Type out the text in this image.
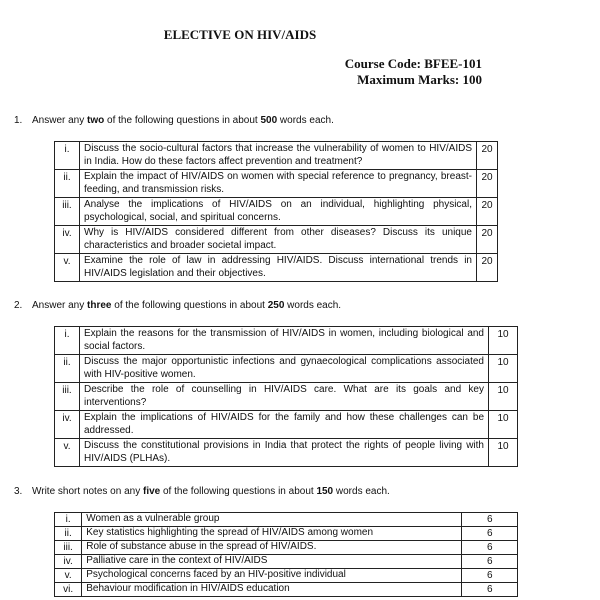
ELECTIVE ON HIV/AIDS
Course Code: BFEE-101
Maximum Marks: 100
1. Answer any two of the following questions in about 500 words each.
i.	Discuss the socio-cultural factors that increase the vulnerability of women to HIV/AIDS in India. How do these factors affect prevention and treatment?	20
ii.	Explain the impact of HIV/AIDS on women with special reference to pregnancy, breast-feeding, and transmission risks.	20
iii.	Analyse the implications of HIV/AIDS on an individual, highlighting physical, psychological, social, and spiritual concerns.	20
iv.	Why is HIV/AIDS considered different from other diseases? Discuss its unique characteristics and broader societal impact.	20
v.	Examine the role of law in addressing HIV/AIDS. Discuss international trends in HIV/AIDS legislation and their objectives.	20
2. Answer any three of the following questions in about 250 words each.
i.	Explain the reasons for the transmission of HIV/AIDS in women, including biological and social factors.	10
ii.	Discuss the major opportunistic infections and gynaecological complications associated with HIV-positive women.	10
iii.	Describe the role of counselling in HIV/AIDS care. What are its goals and key interventions?	10
iv.	Explain the implications of HIV/AIDS for the family and how these challenges can be addressed.	10
v.	Discuss the constitutional provisions in India that protect the rights of people living with HIV/AIDS (PLHAs).	10
3. Write short notes on any five of the following questions in about 150 words each.
i.	Women as a vulnerable group	6
ii.	Key statistics highlighting the spread of HIV/AIDS among women	6
iii.	Role of substance abuse in the spread of HIV/AIDS.	6
iv.	Palliative care in the context of HIV/AIDS	6
v.	Psychological concerns faced by an HIV-positive individual	6
vi.	Behaviour modification in HIV/AIDS education	6
